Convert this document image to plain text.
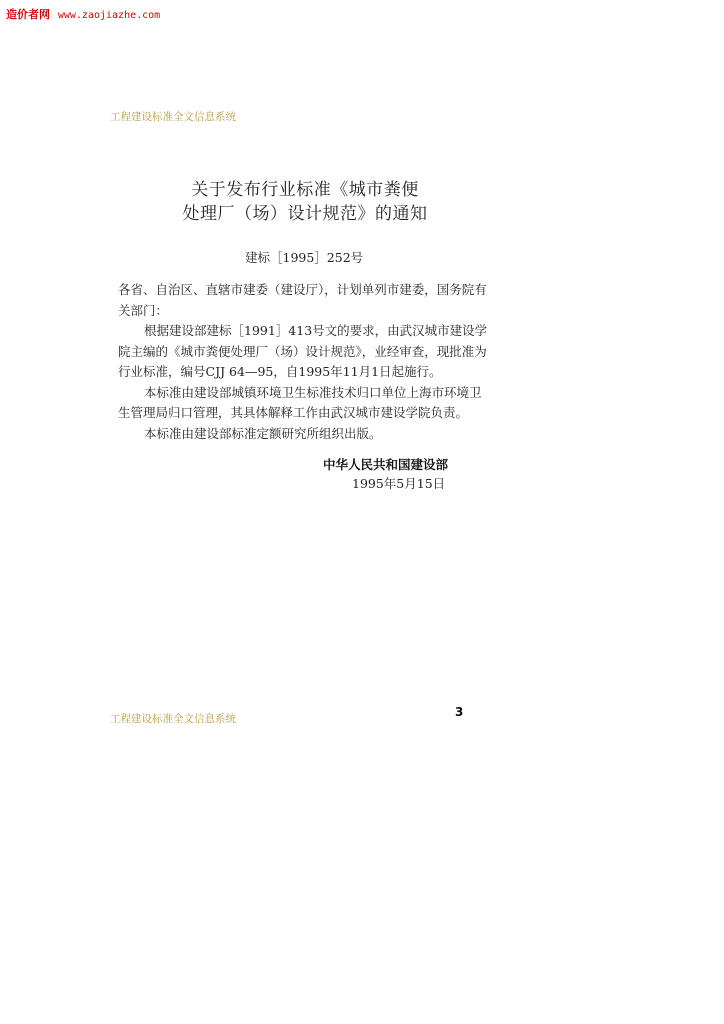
造价者网 www.zaojiazhe.com
工程建设标准全文信息系统
关于发布行业标准《城市粪便
处理厂（场）设计规范》的通知
建标［1995］252号

各省、自治区、直辖市建委（建设厅），计划单列市建委，国务院有关部门：

根据建设部建标［1991］413号文的要求，由武汉城市建设学院主编的《城市粪便处理厂（场）设计规范》，业经审查，现批准为行业标准，编号CJJ 64—95，自1995年11月1日起施行。

本标准由建设部城镇环境卫生标准技术归口单位上海市环境卫生管理局归口管理，其具体解释工作由武汉城市建设学院负责。

本标准由建设部标准定额研究所组织出版。

中华人民共和国建设部
1995年5月15日
工程建设标准全文信息系统	3
